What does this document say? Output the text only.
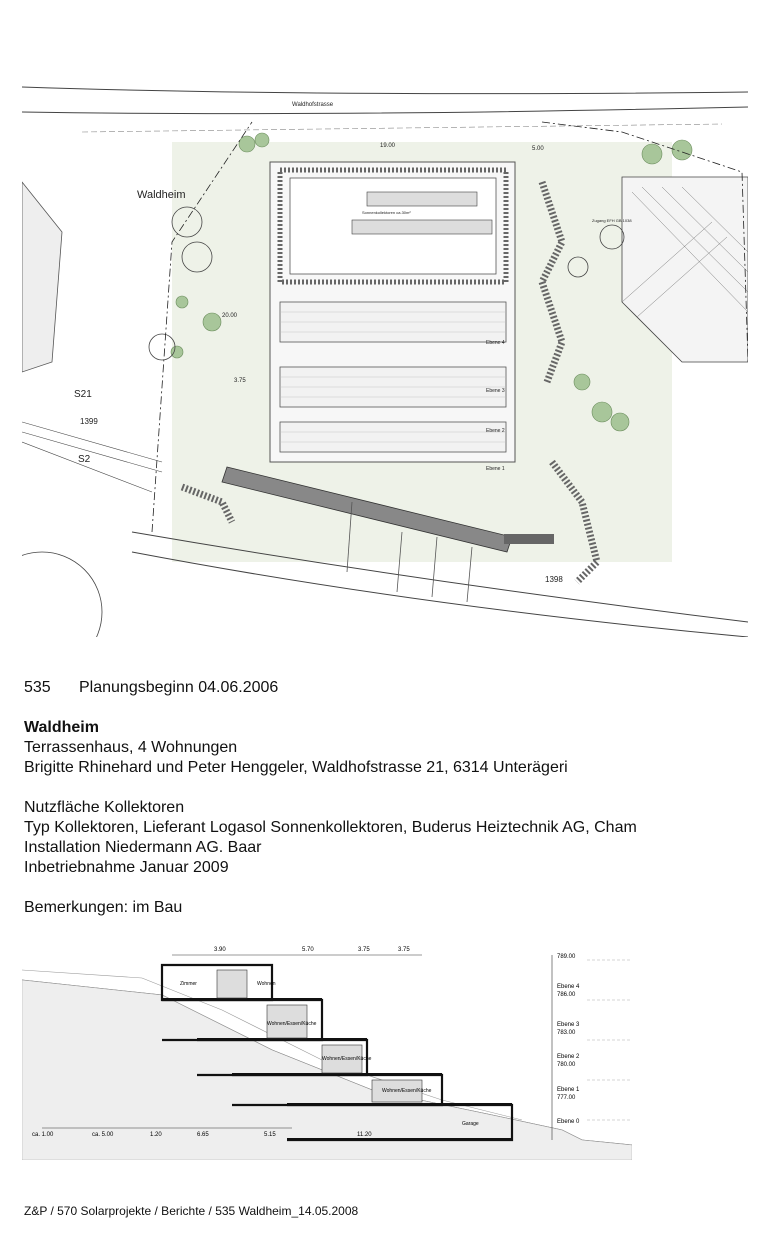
Waldhofstrasse
Waldheim
S21
S2
1399
1398
19.00	5.00
20.00
3.75
Ebene 4
Ebene 3
Ebene 2
Ebene 1
Sonnenkollektoren ca.30m²
Zugang EFH GB 1038
535	Planungsbeginn 04.06.2006
Waldheim
Terrassenhaus, 4 Wohnungen
Brigitte Rhinehard und Peter Henggeler, Waldhofstrasse 21, 6314 Unterägeri
Nutzfläche Kollektoren
Typ Kollektoren, Lieferant Logasol Sonnenkollektoren, Buderus Heiztechnik AG, Cham
Installation Niedermann AG. Baar
Inbetriebnahme Januar 2009
Bemerkungen: im Bau
3.90	5.70	3.75	3.75
Wohnen
Zimmer
Wohnen/Essen/Küche
Wohnen/Essen/Küche
Wohnen/Essen/Küche
Garage
ca. 1.00	ca. 5.00	1.20	6.65	5.15	11.20
789.00
Ebene 4
786.00
Ebene 3
783.00
Ebene 2
780.00
Ebene 1
777.00
Ebene 0
Z&P / 570 Solarprojekte / Berichte / 535 Waldheim_14.05.2008
